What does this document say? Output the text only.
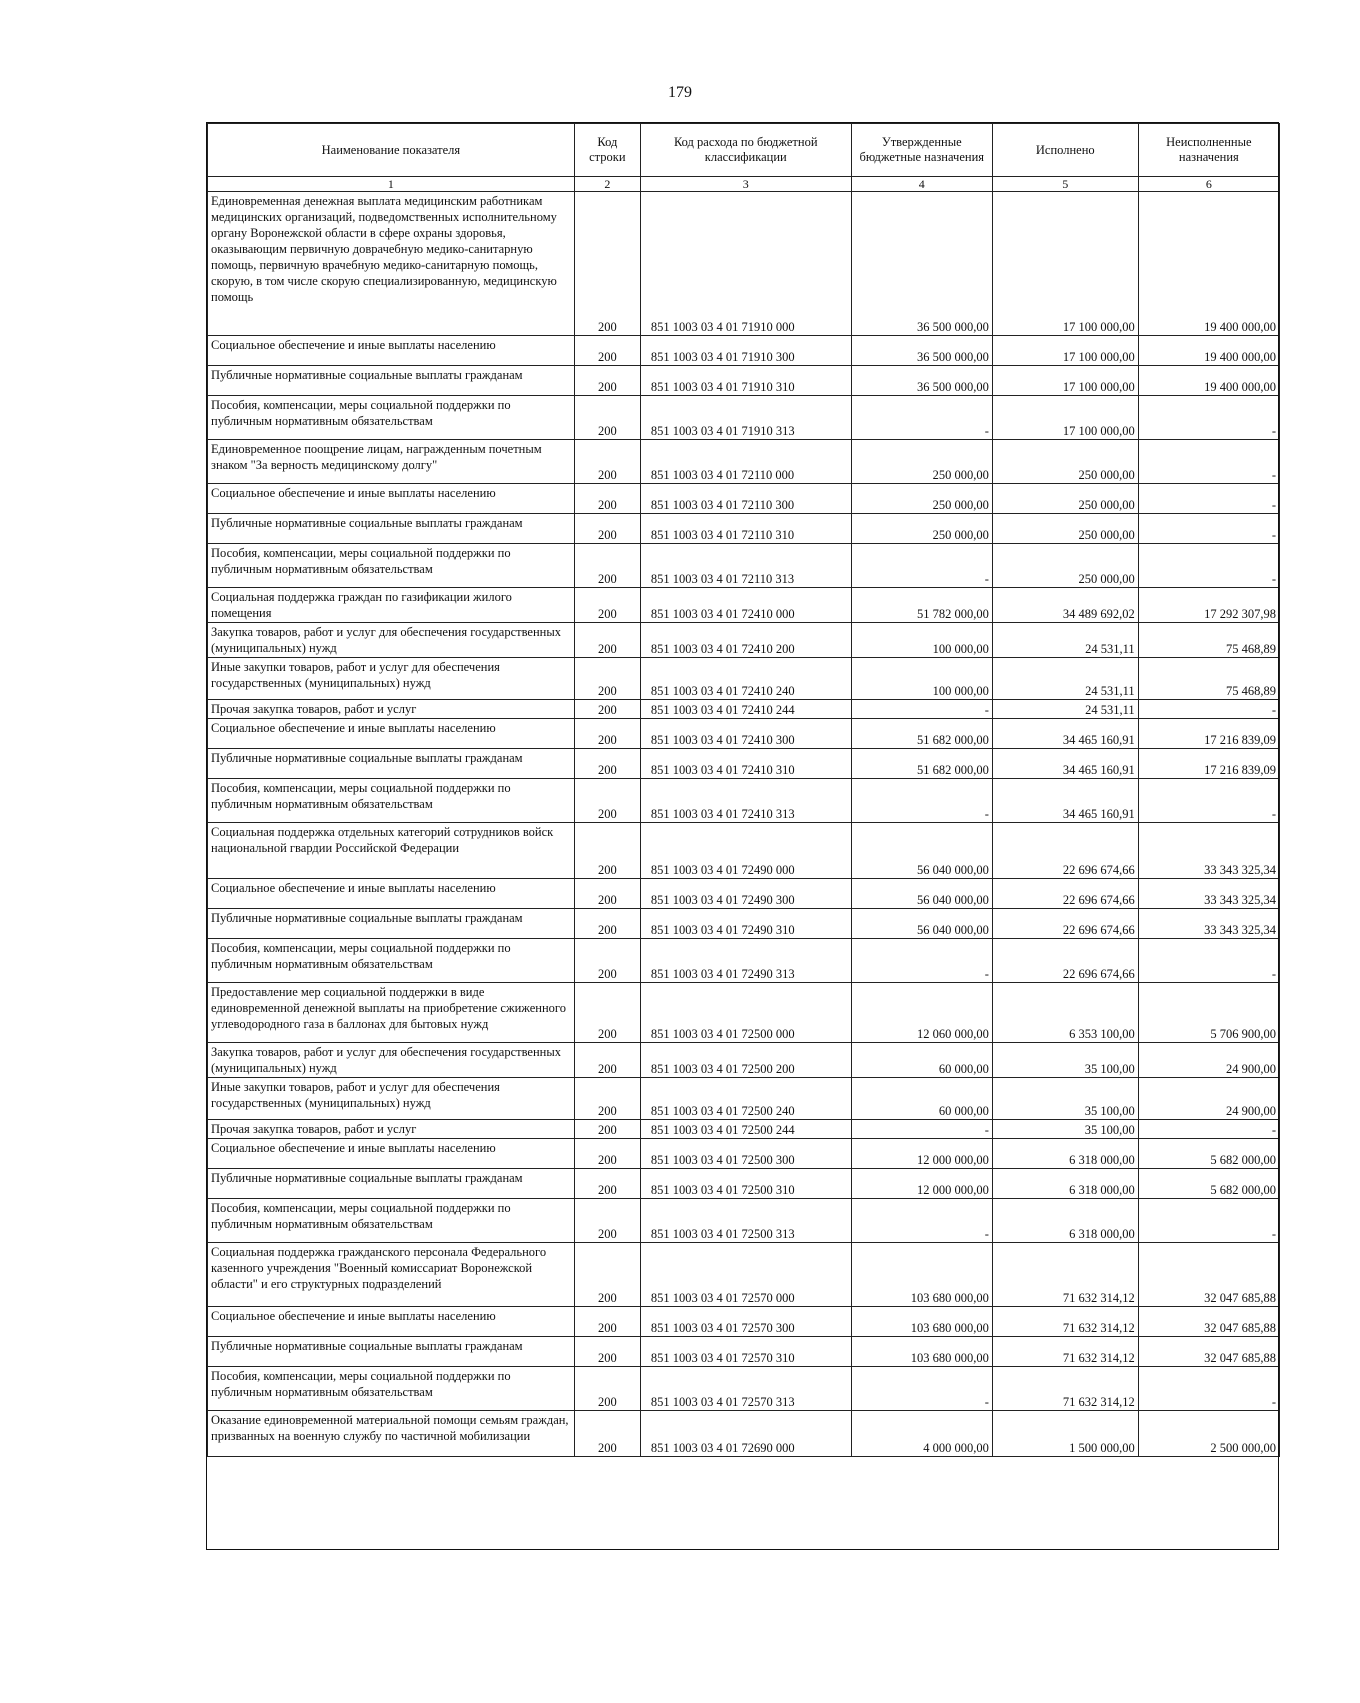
179
Наименование показателя	Код строки	Код расхода по бюджетной классификации	Утвержденные бюджетные назначения	Исполнено	Неисполненные назначения
1	2	3	4	5	6
Единовременная денежная выплата медицинским работникам медицинских организаций, подведомственных исполнительному органу Воронежской области в сфере охраны здоровья, оказывающим первичную доврачебную медико-санитарную помощь, первичную врачебную медико-санитарную помощь, скорую, в том числе скорую специализированную, медицинскую помощь	200	851 1003 03 4 01 71910 000	36 500 000,00	17 100 000,00	19 400 000,00
Социальное обеспечение и иные выплаты населению	200	851 1003 03 4 01 71910 300	36 500 000,00	17 100 000,00	19 400 000,00
Публичные нормативные социальные выплаты гражданам	200	851 1003 03 4 01 71910 310	36 500 000,00	17 100 000,00	19 400 000,00
Пособия, компенсации, меры социальной поддержки по публичным нормативным обязательствам	200	851 1003 03 4 01 71910 313	-	17 100 000,00	-
Единовременное поощрение лицам, награжденным почетным знаком "За верность медицинскому долгу"	200	851 1003 03 4 01 72110 000	250 000,00	250 000,00	-
Социальное обеспечение и иные выплаты населению	200	851 1003 03 4 01 72110 300	250 000,00	250 000,00	-
Публичные нормативные социальные выплаты гражданам	200	851 1003 03 4 01 72110 310	250 000,00	250 000,00	-
Пособия, компенсации, меры социальной поддержки по публичным нормативным обязательствам	200	851 1003 03 4 01 72110 313	-	250 000,00	-
Социальная поддержка граждан по газификации жилого помещения	200	851 1003 03 4 01 72410 000	51 782 000,00	34 489 692,02	17 292 307,98
Закупка товаров, работ и услуг для обеспечения государственных (муниципальных) нужд	200	851 1003 03 4 01 72410 200	100 000,00	24 531,11	75 468,89
Иные закупки товаров, работ и услуг для обеспечения государственных (муниципальных) нужд	200	851 1003 03 4 01 72410 240	100 000,00	24 531,11	75 468,89
Прочая закупка товаров, работ и услуг	200	851 1003 03 4 01 72410 244	-	24 531,11	-
Социальное обеспечение и иные выплаты населению	200	851 1003 03 4 01 72410 300	51 682 000,00	34 465 160,91	17 216 839,09
Публичные нормативные социальные выплаты гражданам	200	851 1003 03 4 01 72410 310	51 682 000,00	34 465 160,91	17 216 839,09
Пособия, компенсации, меры социальной поддержки по публичным нормативным обязательствам	200	851 1003 03 4 01 72410 313	-	34 465 160,91	-
Социальная поддержка отдельных категорий сотрудников войск национальной гвардии Российской Федерации	200	851 1003 03 4 01 72490 000	56 040 000,00	22 696 674,66	33 343 325,34
Социальное обеспечение и иные выплаты населению	200	851 1003 03 4 01 72490 300	56 040 000,00	22 696 674,66	33 343 325,34
Публичные нормативные социальные выплаты гражданам	200	851 1003 03 4 01 72490 310	56 040 000,00	22 696 674,66	33 343 325,34
Пособия, компенсации, меры социальной поддержки по публичным нормативным обязательствам	200	851 1003 03 4 01 72490 313	-	22 696 674,66	-
Предоставление мер социальной поддержки в виде единовременной денежной выплаты на приобретение сжиженного углеводородного газа в баллонах для бытовых нужд	200	851 1003 03 4 01 72500 000	12 060 000,00	6 353 100,00	5 706 900,00
Закупка товаров, работ и услуг для обеспечения государственных (муниципальных) нужд	200	851 1003 03 4 01 72500 200	60 000,00	35 100,00	24 900,00
Иные закупки товаров, работ и услуг для обеспечения государственных (муниципальных) нужд	200	851 1003 03 4 01 72500 240	60 000,00	35 100,00	24 900,00
Прочая закупка товаров, работ и услуг	200	851 1003 03 4 01 72500 244	-	35 100,00	-
Социальное обеспечение и иные выплаты населению	200	851 1003 03 4 01 72500 300	12 000 000,00	6 318 000,00	5 682 000,00
Публичные нормативные социальные выплаты гражданам	200	851 1003 03 4 01 72500 310	12 000 000,00	6 318 000,00	5 682 000,00
Пособия, компенсации, меры социальной поддержки по публичным нормативным обязательствам	200	851 1003 03 4 01 72500 313	-	6 318 000,00	-
Социальная поддержка гражданского персонала Федерального казенного учреждения "Военный комиссариат Воронежской области" и его структурных подразделений	200	851 1003 03 4 01 72570 000	103 680 000,00	71 632 314,12	32 047 685,88
Социальное обеспечение и иные выплаты населению	200	851 1003 03 4 01 72570 300	103 680 000,00	71 632 314,12	32 047 685,88
Публичные нормативные социальные выплаты гражданам	200	851 1003 03 4 01 72570 310	103 680 000,00	71 632 314,12	32 047 685,88
Пособия, компенсации, меры социальной поддержки по публичным нормативным обязательствам	200	851 1003 03 4 01 72570 313	-	71 632 314,12	-
Оказание единовременной материальной помощи семьям граждан, призванных на военную службу по частичной мобилизации	200	851 1003 03 4 01 72690 000	4 000 000,00	1 500 000,00	2 500 000,00
